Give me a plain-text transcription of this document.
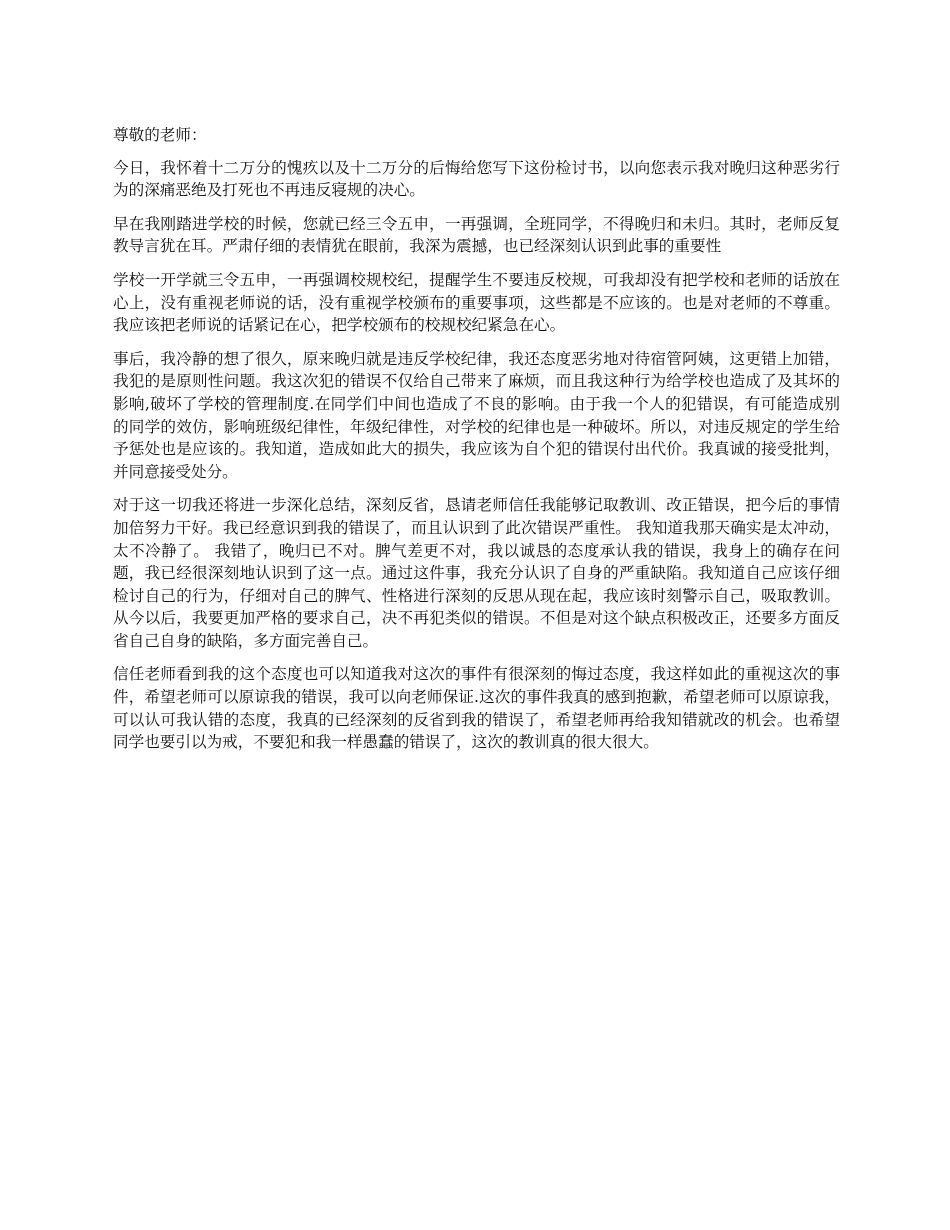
尊敬的老师：

今日，我怀着十二万分的愧疚以及十二万分的后悔给您写下这份检讨书，以向您表示我对晚归这种恶劣行为的深痛恶绝及打死也不再违反寝规的决心。

早在我刚踏进学校的时候，您就已经三令五申，一再强调，全班同学，不得晚归和未归。其时，老师反复教导言犹在耳。严肃仔细的表情犹在眼前，我深为震撼，也已经深刻认识到此事的重要性

学校一开学就三令五申，一再强调校规校纪，提醒学生不要违反校规，可我却没有把学校和老师的话放在心上，没有重视老师说的话，没有重视学校颁布的重要事项，这些都是不应该的。也是对老师的不尊重。我应该把老师说的话紧记在心，把学校颁布的校规校纪紧急在心。

事后，我冷静的想了很久，原来晚归就是违反学校纪律，我还态度恶劣地对待宿管阿姨，这更错上加错，我犯的是原则性问题。我这次犯的错误不仅给自己带来了麻烦，而且我这种行为给学校也造成了及其坏的影响,破坏了学校的管理制度.在同学们中间也造成了不良的影响。由于我一个人的犯错误，有可能造成别的同学的效仿，影响班级纪律性，年级纪律性，对学校的纪律也是一种破坏。所以，对违反规定的学生给予惩处也是应该的。我知道，造成如此大的损失，我应该为自个犯的错误付出代价。我真诚的接受批判，并同意接受处分。

对于这一切我还将进一步深化总结，深刻反省，恳请老师信任我能够记取教训、改正错误，把今后的事情加倍努力干好。我已经意识到我的错误了，而且认识到了此次错误严重性。 我知道我那天确实是太冲动，太不冷静了。 我错了，晚归已不对。脾气差更不对，我以诚恳的态度承认我的错误，我身上的确存在问题，我已经很深刻地认识到了这一点。通过这件事，我充分认识了自身的严重缺陷。我知道自己应该仔细检讨自己的行为，仔细对自己的脾气、性格进行深刻的反思从现在起，我应该时刻警示自己，吸取教训。从今以后，我要更加严格的要求自己，决不再犯类似的错误。不但是对这个缺点积极改正，还要多方面反省自己自身的缺陷，多方面完善自己。

信任老师看到我的这个态度也可以知道我对这次的事件有很深刻的悔过态度，我这样如此的重视这次的事件，希望老师可以原谅我的错误，我可以向老师保证.这次的事件我真的感到抱歉，希望老师可以原谅我，可以认可我认错的态度，我真的已经深刻的反省到我的错误了，希望老师再给我知错就改的机会。也希望同学也要引以为戒，不要犯和我一样愚蠢的错误了，这次的教训真的很大很大。
